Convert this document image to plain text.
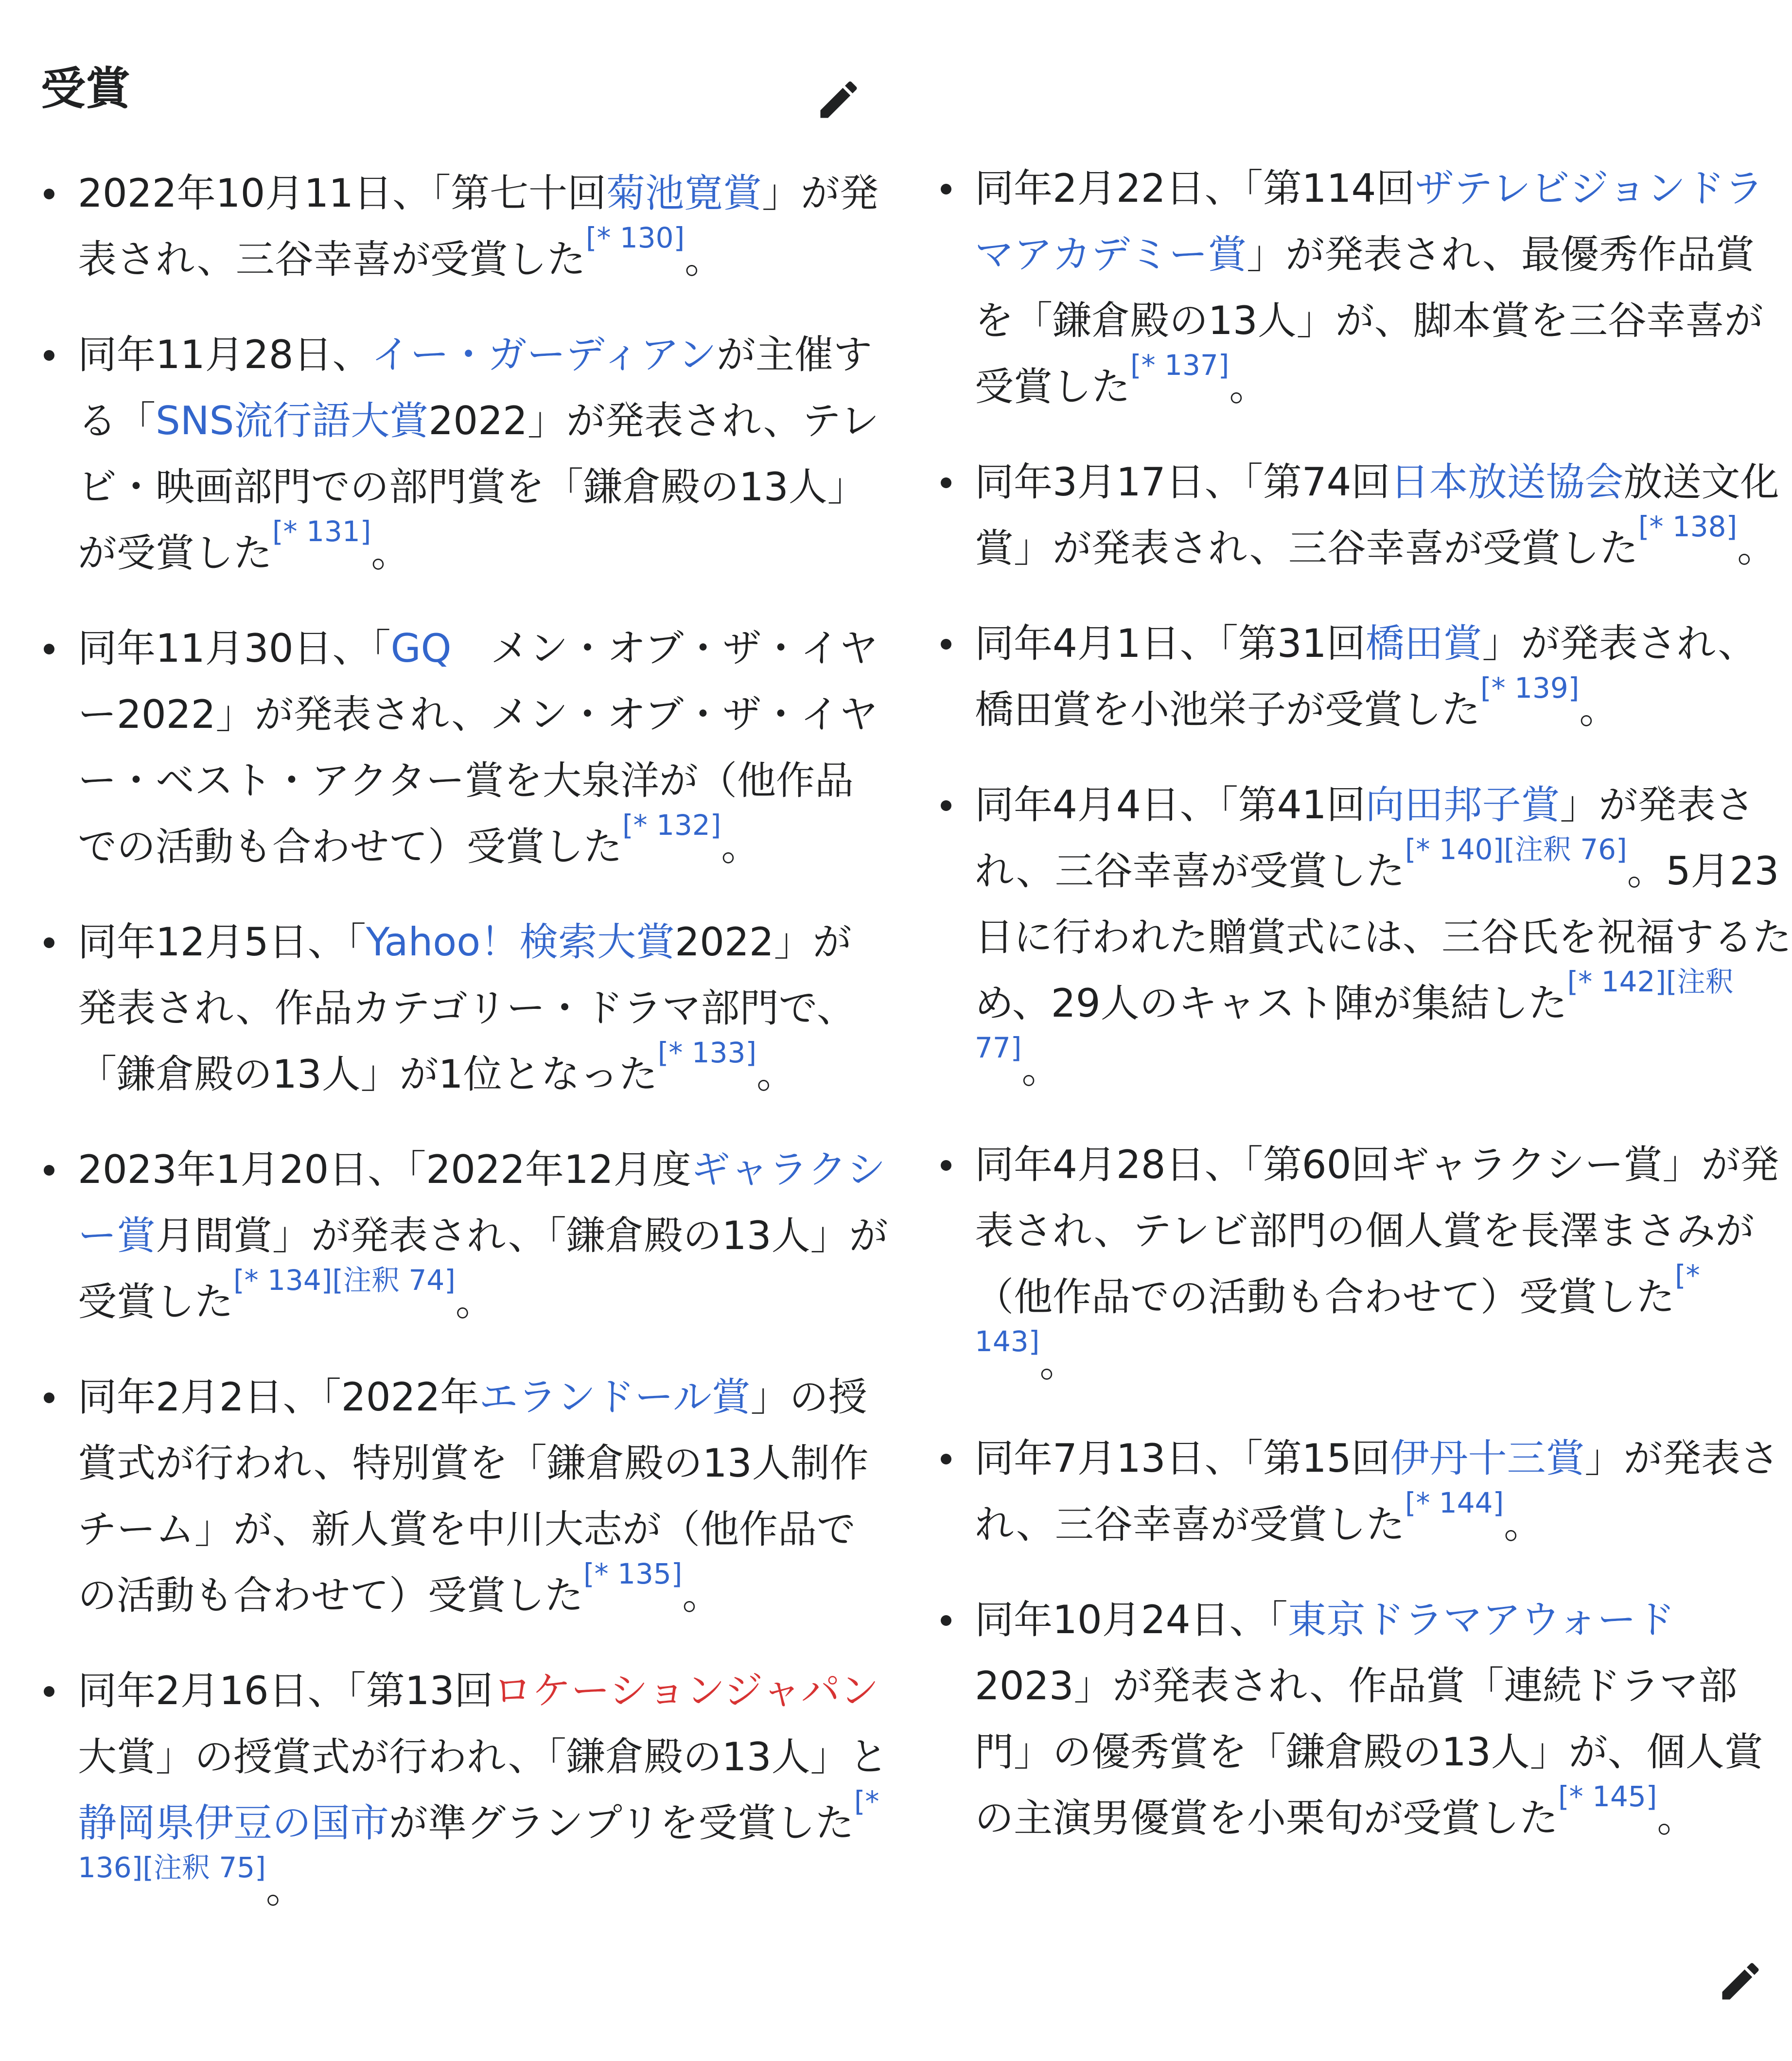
受賞
2022年10月11日、「第七十回菊池寛賞」が発表され、三谷幸喜が受賞した[* 130]。
同年11月28日、イー・ガーディアンが主催する「SNS流行語大賞2022」が発表され、テレビ・映画部門での部門賞を「鎌倉殿の13人」が受賞した[* 131]。
同年11月30日、「GQ　メン・オブ・ザ・イヤー2022」が発表され、メン・オブ・ザ・イヤー・ベスト・アクター賞を大泉洋が（他作品での活動も合わせて）受賞した[* 132]。
同年12月5日、「Yahoo！検索大賞2022」が発表され、作品カテゴリー・ドラマ部門で、「鎌倉殿の13人」が1位となった[* 133]。
2023年1月20日、「2022年12月度ギャラクシー賞月間賞」が発表され、「鎌倉殿の13人」が受賞した[* 134][注釈 74]。
同年2月2日、「2022年エランドール賞」の授賞式が行われ、特別賞を「鎌倉殿の13人制作チーム」が、新人賞を中川大志が（他作品での活動も合わせて）受賞した[* 135]。
同年2月16日、「第13回ロケーションジャパン大賞」の授賞式が行われ、「鎌倉殿の13人」と静岡県伊豆の国市が準グランプリを受賞した[* 136][注釈 75]。
同年2月22日、「第114回ザテレビジョンドラマアカデミー賞」が発表され、最優秀作品賞を「鎌倉殿の13人」が、脚本賞を三谷幸喜が受賞した[* 137]。
同年3月17日、「第74回日本放送協会放送文化賞」が発表され、三谷幸喜が受賞した[* 138]。
同年4月1日、「第31回橋田賞」が発表され、橋田賞を小池栄子が受賞した[* 139]。
同年4月4日、「第41回向田邦子賞」が発表され、三谷幸喜が受賞した[* 140][注釈 76]。5月23日に行われた贈賞式には、三谷氏を祝福するため、29人のキャスト陣が集結した[* 142][注釈 77]。
同年4月28日、「第60回ギャラクシー賞」が発表され、テレビ部門の個人賞を長澤まさみが（他作品での活動も合わせて）受賞した[* 143]。
同年7月13日、「第15回伊丹十三賞」が発表され、三谷幸喜が受賞した[* 144]。
同年10月24日、「東京ドラマアウォード2023」が発表され、作品賞「連続ドラマ部門」の優秀賞を「鎌倉殿の13人」が、個人賞の主演男優賞を小栗旬が受賞した[* 145]。
